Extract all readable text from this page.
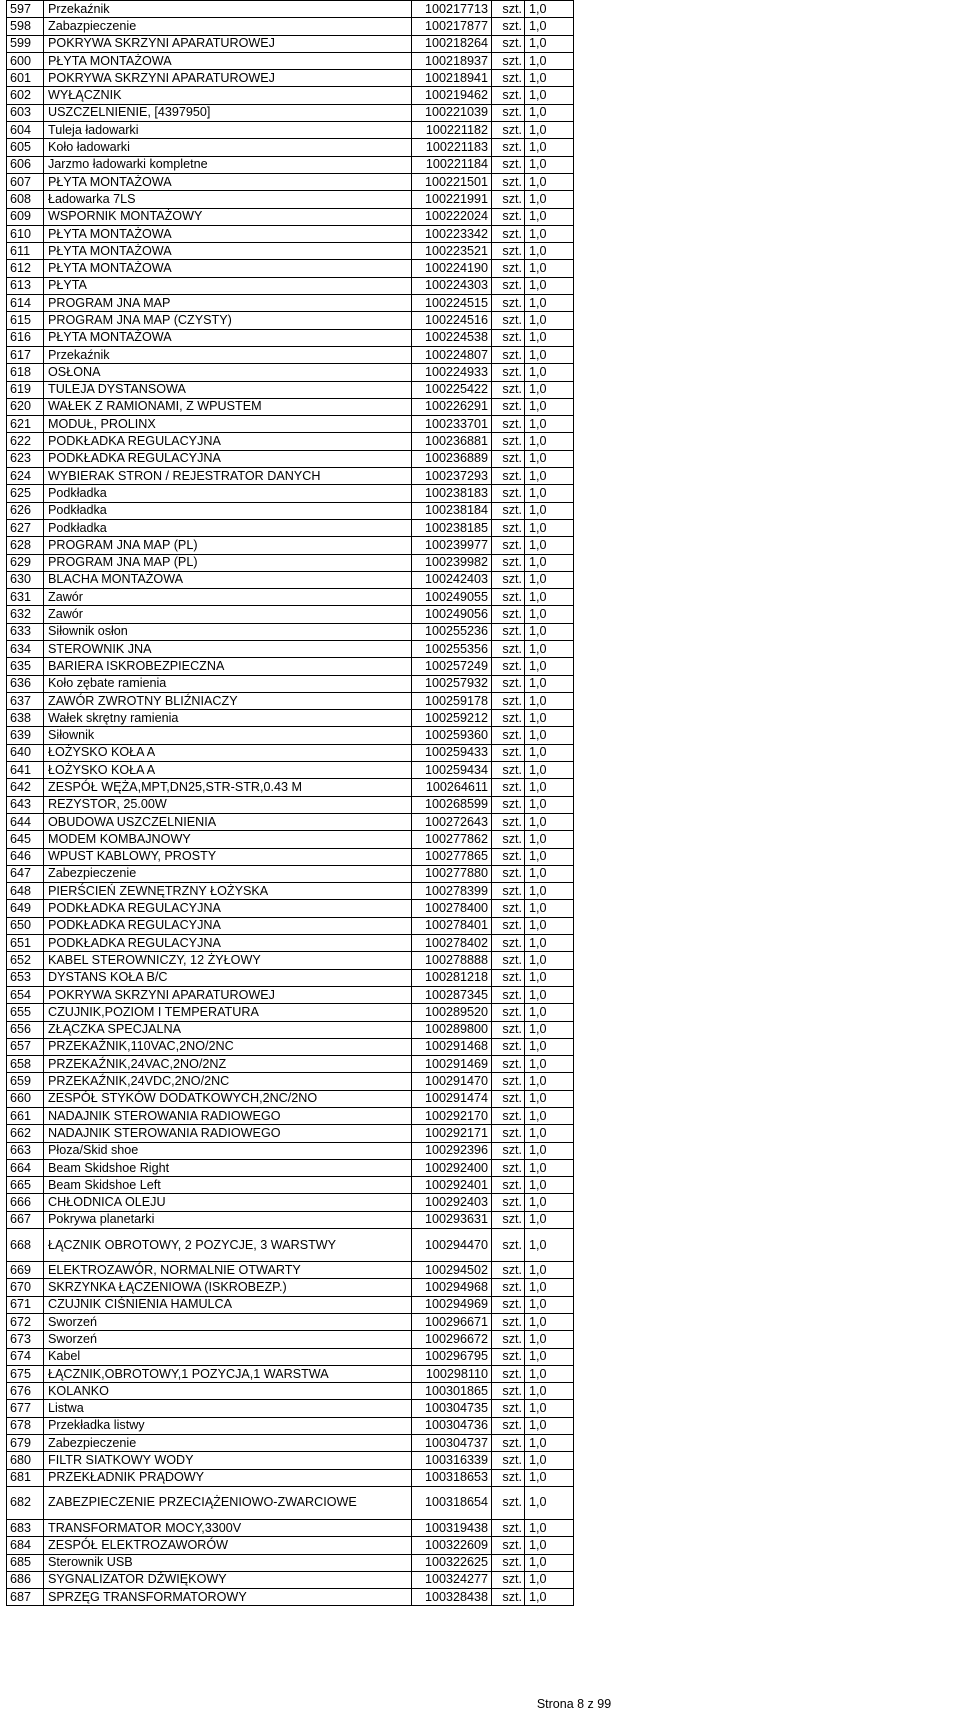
597	Przekaźnik	100217713	szt.	1,0
598	Zabazpieczenie	100217877	szt.	1,0
599	POKRYWA SKRZYNI APARATUROWEJ	100218264	szt.	1,0
600	PŁYTA MONTAŻOWA	100218937	szt.	1,0
601	POKRYWA SKRZYNI APARATUROWEJ	100218941	szt.	1,0
602	WYŁĄCZNIK	100219462	szt.	1,0
603	USZCZELNIENIE, [4397950]	100221039	szt.	1,0
604	Tuleja ładowarki	100221182	szt.	1,0
605	Koło ładowarki	100221183	szt.	1,0
606	Jarzmo ładowarki kompletne	100221184	szt.	1,0
607	PŁYTA MONTAŻOWA	100221501	szt.	1,0
608	Ładowarka 7LS	100221991	szt.	1,0
609	WSPORNIK MONTAŻOWY	100222024	szt.	1,0
610	PŁYTA MONTAŻOWA	100223342	szt.	1,0
611	PŁYTA MONTAŻOWA	100223521	szt.	1,0
612	PŁYTA MONTAŻOWA	100224190	szt.	1,0
613	PŁYTA	100224303	szt.	1,0
614	PROGRAM JNA MAP	100224515	szt.	1,0
615	PROGRAM JNA MAP (CZYSTY)	100224516	szt.	1,0
616	PŁYTA MONTAŻOWA	100224538	szt.	1,0
617	Przekaźnik	100224807	szt.	1,0
618	OSŁONA	100224933	szt.	1,0
619	TULEJA DYSTANSOWA	100225422	szt.	1,0
620	WAŁEK Z RAMIONAMI, Z WPUSTEM	100226291	szt.	1,0
621	MODUŁ, PROLINX	100233701	szt.	1,0
622	PODKŁADKA REGULACYJNA	100236881	szt.	1,0
623	PODKŁADKA REGULACYJNA	100236889	szt.	1,0
624	WYBIERAK STRON / REJESTRATOR DANYCH	100237293	szt.	1,0
625	Podkładka	100238183	szt.	1,0
626	Podkładka	100238184	szt.	1,0
627	Podkładka	100238185	szt.	1,0
628	PROGRAM JNA MAP (PL)	100239977	szt.	1,0
629	PROGRAM JNA MAP (PL)	100239982	szt.	1,0
630	BLACHA MONTAŻOWA	100242403	szt.	1,0
631	Zawór	100249055	szt.	1,0
632	Zawór	100249056	szt.	1,0
633	Siłownik osłon	100255236	szt.	1,0
634	STEROWNIK JNA	100255356	szt.	1,0
635	BARIERA ISKROBEZPIECZNA	100257249	szt.	1,0
636	Koło zębate ramienia	100257932	szt.	1,0
637	ZAWÓR ZWROTNY BLIŹNIACZY	100259178	szt.	1,0
638	Wałek skrętny ramienia	100259212	szt.	1,0
639	Siłownik	100259360	szt.	1,0
640	ŁOŻYSKO KOŁA A	100259433	szt.	1,0
641	ŁOŻYSKO KOŁA A	100259434	szt.	1,0
642	ZESPÓŁ WĘŻA,MPT,DN25,STR-STR,0.43 M	100264611	szt.	1,0
643	REZYSTOR, 25.00W	100268599	szt.	1,0
644	OBUDOWA USZCZELNIENIA	100272643	szt.	1,0
645	MODEM KOMBAJNOWY	100277862	szt.	1,0
646	WPUST KABLOWY, PROSTY	100277865	szt.	1,0
647	Zabezpieczenie	100277880	szt.	1,0
648	PIERŚCIEŃ ZEWNĘTRZNY ŁOŻYSKA	100278399	szt.	1,0
649	PODKŁADKA REGULACYJNA	100278400	szt.	1,0
650	PODKŁADKA REGULACYJNA	100278401	szt.	1,0
651	PODKŁADKA REGULACYJNA	100278402	szt.	1,0
652	KABEL STEROWNICZY, 12 ŻYŁOWY	100278888	szt.	1,0
653	DYSTANS KOŁA B/C	100281218	szt.	1,0
654	POKRYWA SKRZYNI APARATUROWEJ	100287345	szt.	1,0
655	CZUJNIK,POZIOM I TEMPERATURA	100289520	szt.	1,0
656	ZŁĄCZKA SPECJALNA	100289800	szt.	1,0
657	PRZEKAŹNIK,110VAC,2NO/2NC	100291468	szt.	1,0
658	PRZEKAŹNIK,24VAC,2NO/2NZ	100291469	szt.	1,0
659	PRZEKAŹNIK,24VDC,2NO/2NC	100291470	szt.	1,0
660	ZESPÓŁ STYKÓW DODATKOWYCH,2NC/2NO	100291474	szt.	1,0
661	NADAJNIK STEROWANIA RADIOWEGO	100292170	szt.	1,0
662	NADAJNIK STEROWANIA RADIOWEGO	100292171	szt.	1,0
663	Płoza/Skid shoe	100292396	szt.	1,0
664	Beam Skidshoe Right	100292400	szt.	1,0
665	Beam Skidshoe Left	100292401	szt.	1,0
666	CHŁODNICA OLEJU	100292403	szt.	1,0
667	Pokrywa planetarki	100293631	szt.	1,0
668	ŁĄCZNIK OBROTOWY, 2 POZYCJE, 3 WARSTWY	100294470	szt.	1,0
669	ELEKTROZAWÓR, NORMALNIE OTWARTY	100294502	szt.	1,0
670	SKRZYNKA ŁĄCZENIOWA (ISKROBEZP.)	100294968	szt.	1,0
671	CZUJNIK CIŚNIENIA HAMULCA	100294969	szt.	1,0
672	Sworzeń	100296671	szt.	1,0
673	Sworzeń	100296672	szt.	1,0
674	Kabel	100296795	szt.	1,0
675	ŁĄCZNIK,OBROTOWY,1 POZYCJA,1 WARSTWA	100298110	szt.	1,0
676	KOLANKO	100301865	szt.	1,0
677	Listwa	100304735	szt.	1,0
678	Przekładka listwy	100304736	szt.	1,0
679	Zabezpieczenie	100304737	szt.	1,0
680	FILTR SIATKOWY WODY	100316339	szt.	1,0
681	PRZEKŁADNIK PRĄDOWY	100318653	szt.	1,0
682	ZABEZPIECZENIE PRZECIĄŻENIOWO-ZWARCIOWE	100318654	szt.	1,0
683	TRANSFORMATOR MOCY,3300V	100319438	szt.	1,0
684	ZESPÓŁ ELEKTROZAWORÓW	100322609	szt.	1,0
685	Sterownik USB	100322625	szt.	1,0
686	SYGNALIZATOR DŹWIĘKOWY	100324277	szt.	1,0
687	SPRZĘG TRANSFORMATOROWY	100328438	szt.	1,0
Strona 8 z 99
